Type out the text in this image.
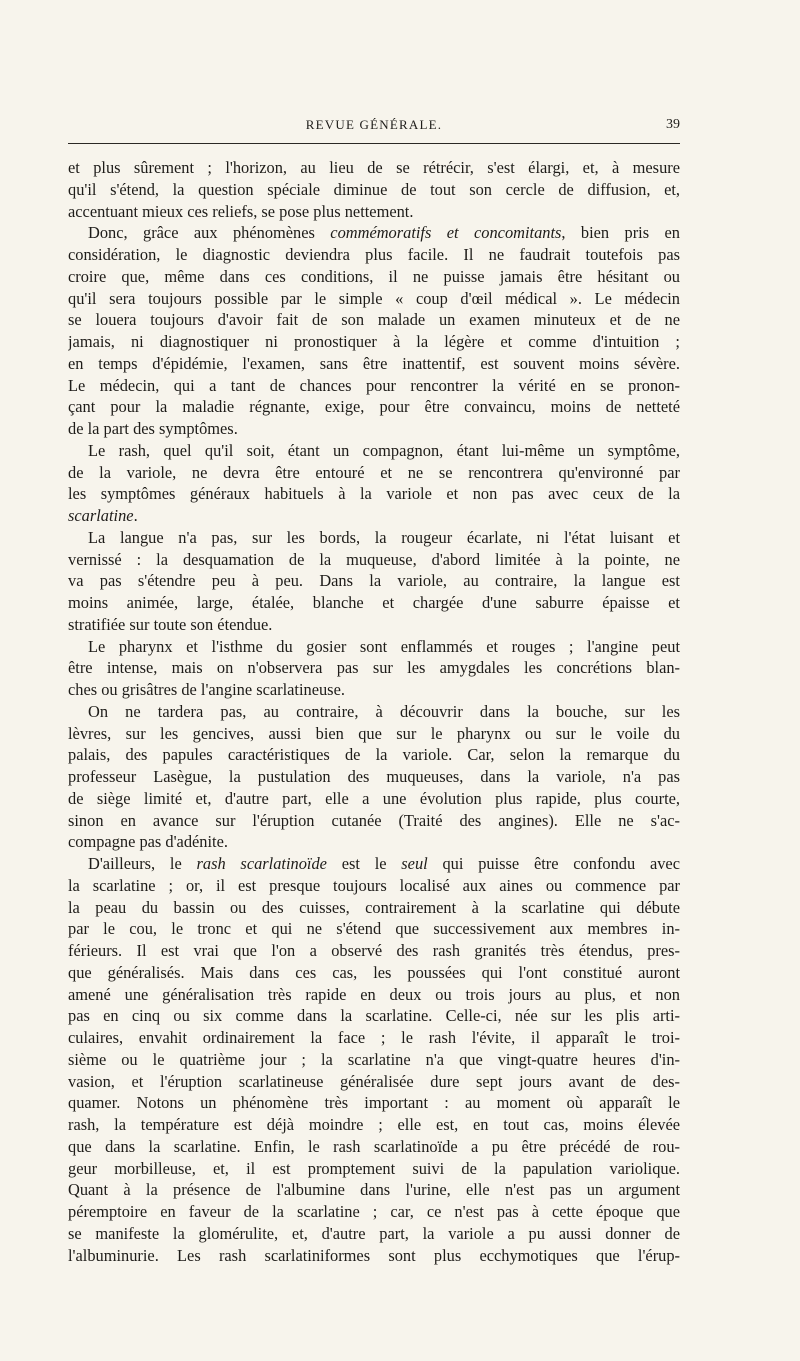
REVUE GÉNÉRALE.	39
et plus sûrement ; l'horizon, au lieu de se rétrécir, s'est élargi, et, à mesure
qu'il s'étend, la question spéciale diminue de tout son cercle de diffusion, et,
accentuant mieux ces reliefs, se pose plus nettement.
Donc, grâce aux phénomènes commémoratifs et concomitants, bien pris en
considération, le diagnostic deviendra plus facile. Il ne faudrait toutefois pas
croire que, même dans ces conditions, il ne puisse jamais être hésitant ou
qu'il sera toujours possible par le simple « coup d'œil médical ». Le médecin
se louera toujours d'avoir fait de son malade un examen minuteux et de ne
jamais, ni diagnostiquer ni pronostiquer à la légère et comme d'intuition ;
en temps d'épidémie, l'examen, sans être inattentif, est souvent moins sévère.
Le médecin, qui a tant de chances pour rencontrer la vérité en se pronon-
çant pour la maladie régnante, exige, pour être convaincu, moins de netteté
de la part des symptômes.
Le rash, quel qu'il soit, étant un compagnon, étant lui-même un symptôme,
de la variole, ne devra être entouré et ne se rencontrera qu'environné par
les symptômes généraux habituels à la variole et non pas avec ceux de la
scarlatine.
La langue n'a pas, sur les bords, la rougeur écarlate, ni l'état luisant et
vernissé : la desquamation de la muqueuse, d'abord limitée à la pointe, ne
va pas s'étendre peu à peu. Dans la variole, au contraire, la langue est
moins animée, large, étalée, blanche et chargée d'une saburre épaisse et
stratifiée sur toute son étendue.
Le pharynx et l'isthme du gosier sont enflammés et rouges ; l'angine peut
être intense, mais on n'observera pas sur les amygdales les concrétions blan-
ches ou grisâtres de l'angine scarlatineuse.
On ne tardera pas, au contraire, à découvrir dans la bouche, sur les
lèvres, sur les gencives, aussi bien que sur le pharynx ou sur le voile du
palais, des papules caractéristiques de la variole. Car, selon la remarque du
professeur Lasègue, la pustulation des muqueuses, dans la variole, n'a pas
de siège limité et, d'autre part, elle a une évolution plus rapide, plus courte,
sinon en avance sur l'éruption cutanée (Traité des angines). Elle ne s'ac-
compagne pas d'adénite.
D'ailleurs, le rash scarlatinoïde est le seul qui puisse être confondu avec
la scarlatine ; or, il est presque toujours localisé aux aines ou commence par
la peau du bassin ou des cuisses, contrairement à la scarlatine qui débute
par le cou, le tronc et qui ne s'étend que successivement aux membres in-
férieurs. Il est vrai que l'on a observé des rash granités très étendus, pres-
que généralisés. Mais dans ces cas, les poussées qui l'ont constitué auront
amené une généralisation très rapide en deux ou trois jours au plus, et non
pas en cinq ou six comme dans la scarlatine. Celle-ci, née sur les plis arti-
culaires, envahit ordinairement la face ; le rash l'évite, il apparaît le troi-
sième ou le quatrième jour ; la scarlatine n'a que vingt-quatre heures d'in-
vasion, et l'éruption scarlatineuse généralisée dure sept jours avant de des-
quamer. Notons un phénomène très important : au moment où apparaît le
rash, la température est déjà moindre ; elle est, en tout cas, moins élevée
que dans la scarlatine. Enfin, le rash scarlatinoïde a pu être précédé de rou-
geur morbilleuse, et, il est promptement suivi de la papulation variolique.
Quant à la présence de l'albumine dans l'urine, elle n'est pas un argument
péremptoire en faveur de la scarlatine ; car, ce n'est pas à cette époque que
se manifeste la glomérulite, et, d'autre part, la variole a pu aussi donner de
l'albuminurie. Les rash scarlatiniformes sont plus ecchymotiques que l'érup-
